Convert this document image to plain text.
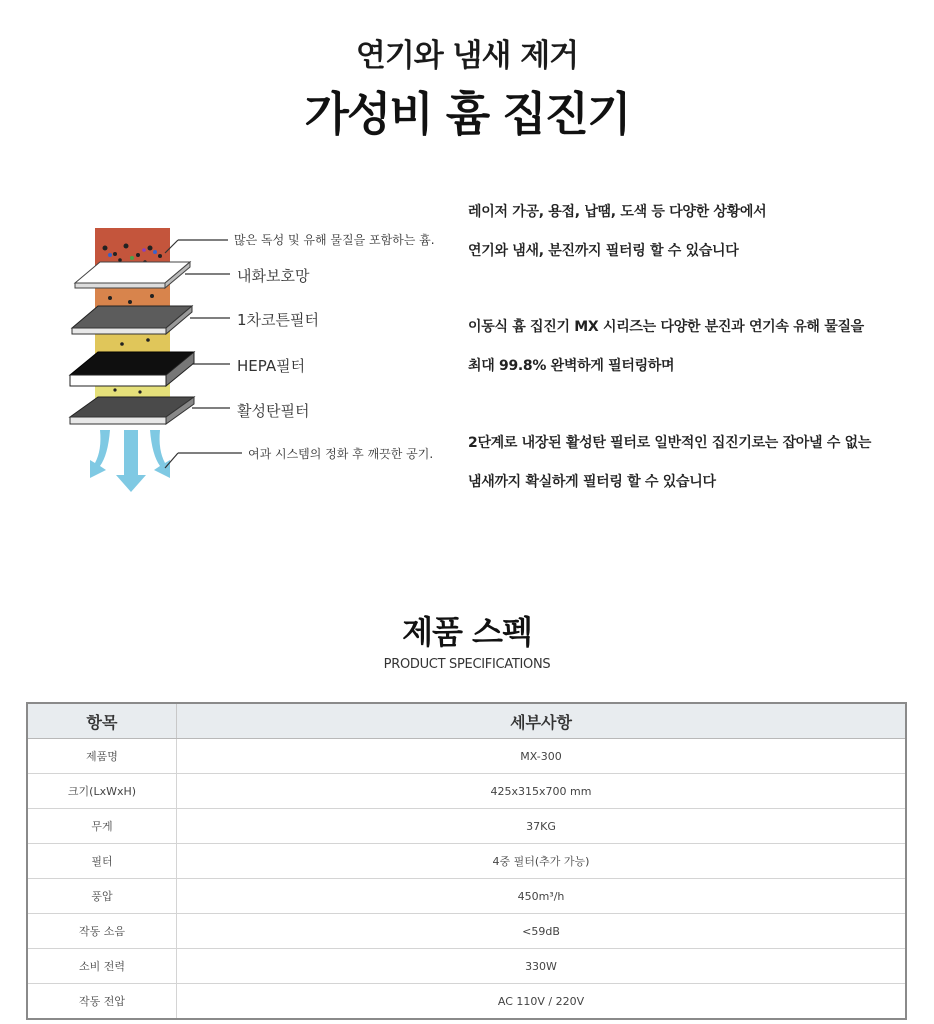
연기와 냄새 제거
가성비 흄 집진기
많은 독성 및 유해 물질을 포함하는 흄.
내화보호망
1차코튼필터
HEPA필터
활성탄필터
여과 시스템의 정화 후 깨끗한 공기.
레이저 가공, 용접, 납땜, 도색 등 다양한 상황에서
연기와 냄새, 분진까지 필터링 할 수 있습니다
이동식 흄 집진기 MX 시리즈는 다양한 분진과 연기속 유해 물질을
최대 99.8% 완벽하게 필터링하며
2단계로 내장된 활성탄 필터로 일반적인 집진기로는 잡아낼 수 없는
냄새까지 확실하게 필터링 할 수 있습니다
제품 스펙
PRODUCT SPECIFICATIONS
항목	세부사항
제품명	MX-300
크기(LxWxH)	425x315x700 mm
무게	37KG
필터	4중 필터(추가 가능)
풍압	450m³/h
작동 소음	<59dB
소비 전력	330W
작동 전압	AC 110V / 220V
